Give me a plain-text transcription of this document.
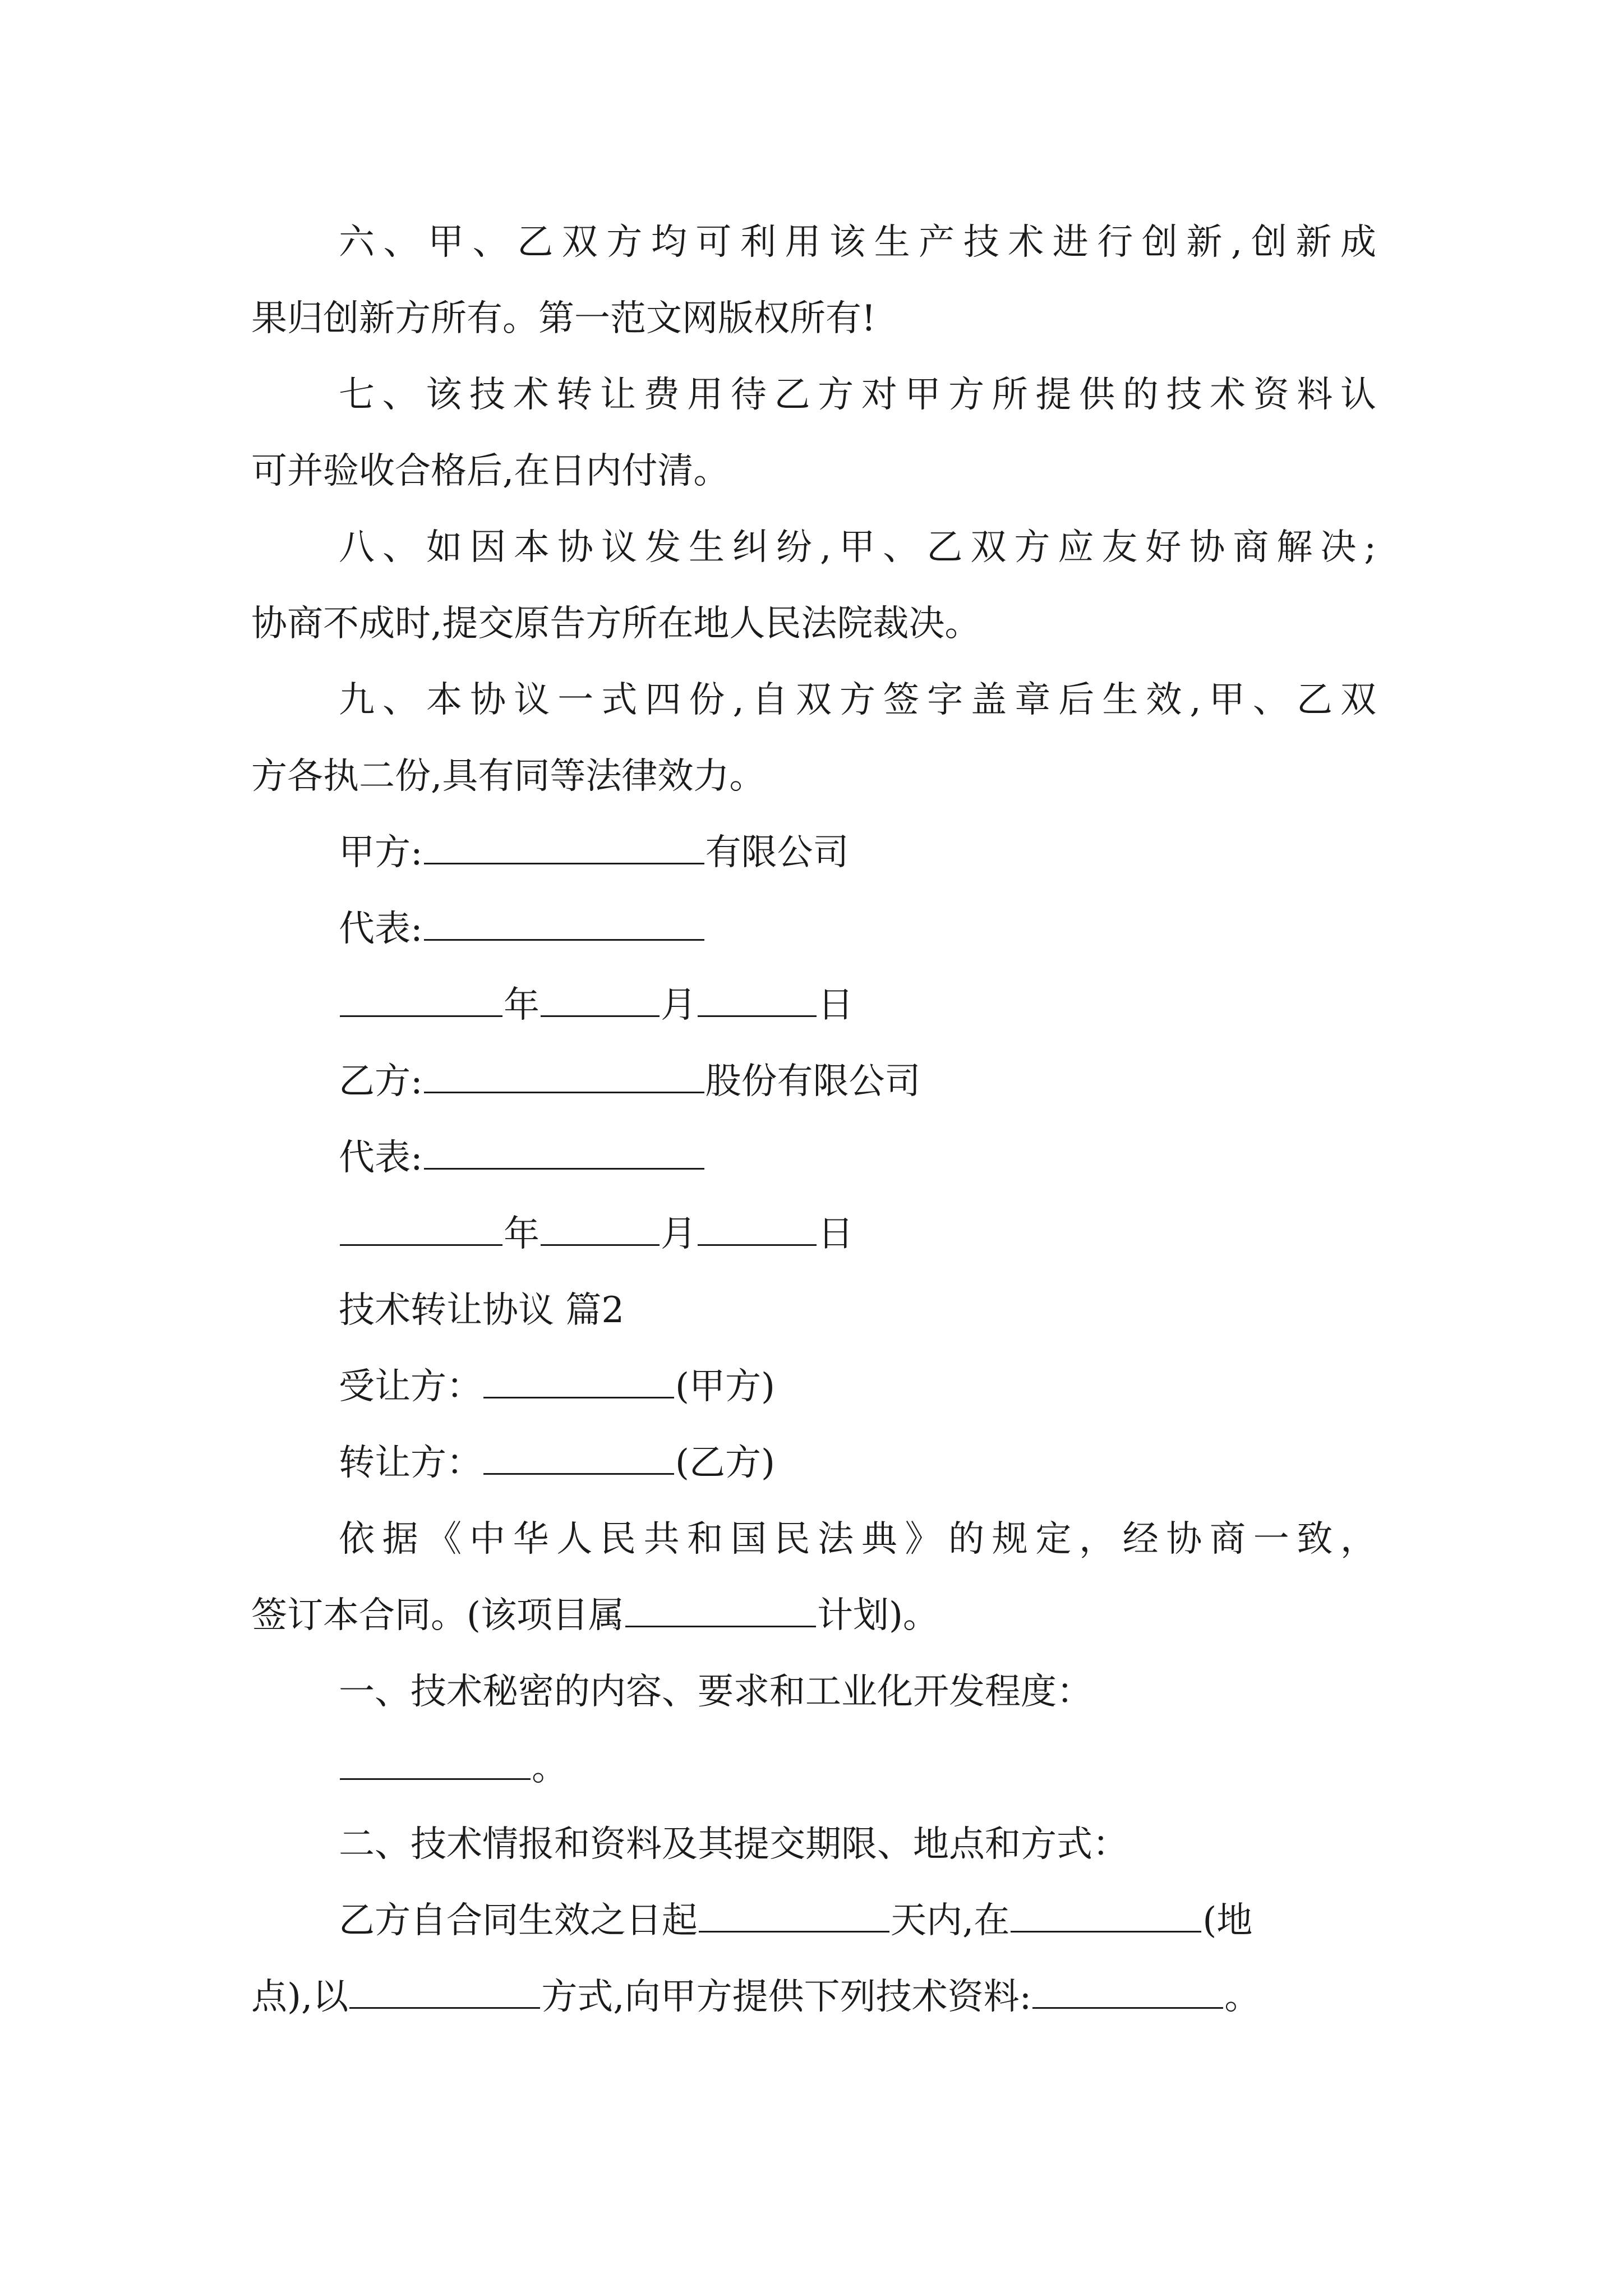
六、甲、乙双方均可利用该生产技术进行创新,创新成
果归创新方所有。第一范文网版权所有!
七、该技术转让费用待乙方对甲方所提供的技术资料认
可并验收合格后,在日内付清。
八、如因本协议发生纠纷,甲、乙双方应友好协商解决;
协商不成时,提交原告方所在地人民法院裁决。
九、本协议一式四份,自双方签字盖章后生效,甲、乙双
方各执二份,具有同等法律效力。
甲方:	有限公司
代表:
年	月	日
乙方:	股份有限公司
代表:
年	月	日
技术转让协议 篇2
受让方：	(甲方)
转让方：	(乙方)
依据《中华人民共和国民法典》的规定，经协商一致，
签订本合同。(该项目属	计划)。
一、技术秘密的内容、要求和工业化开发程度：
。
二、技术情报和资料及其提交期限、地点和方式：
乙方自合同生效之日起	天内,在	(地
点),以	方式,向甲方提供下列技术资料:	。
